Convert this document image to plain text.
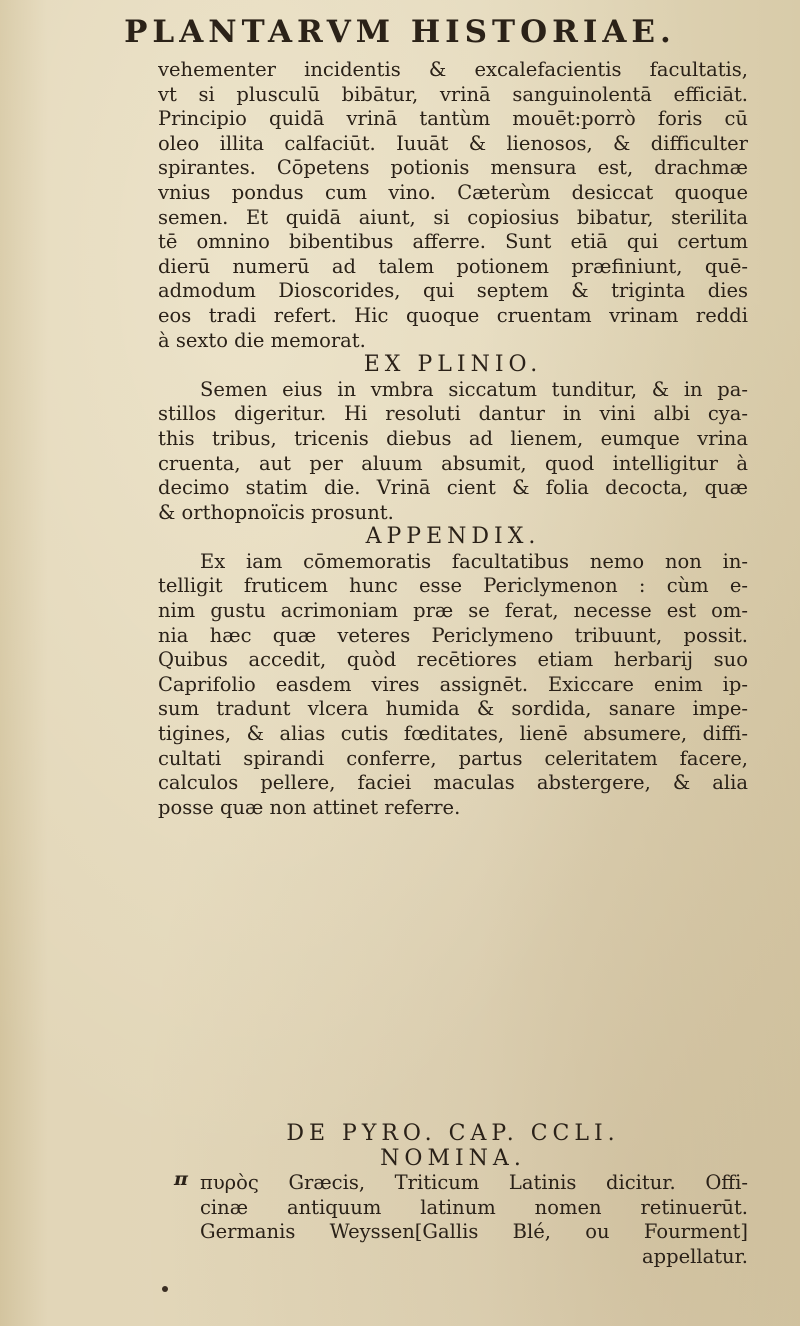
PLANTARVM HISTORIAE.
vehementer incidentis & excalefacientis facultatis,
vt si plusculū bibātur, vrinā sanguinolentā efficiāt.
Principio quidā vrinā tantùm mouēt:porrò foris cū
oleo illita calfaciūt. Iuuāt & lienosos, & difficulter
spirantes. Cōpetens potionis mensura est, drachmæ
vnius pondus cum vino. Cæterùm desiccat quoque
semen. Et quidā aiunt, si copiosius bibatur, sterilita
tē omnino bibentibus afferre. Sunt etiā qui certum
dierū numerū ad talem potionem præfiniunt, quē-
admodum Dioscorides, qui septem & triginta dies
eos tradi refert. Hic quoque cruentam vrinam reddi
à sexto die memorat.
EX PLINIO.
Semen eius in vmbra siccatum tunditur, & in pa-
stillos digeritur. Hi resoluti dantur in vini albi cya-
this tribus, tricenis diebus ad lienem, eumque vrina
cruenta, aut per aluum absumit, quod intelligitur à
decimo statim die. Vrinā cient & folia decocta, quæ
& orthopnoïcis prosunt.
APPENDIX.
Ex iam cōmemoratis facultatibus nemo non in-
telligit fruticem hunc esse Periclymenon : cùm e-
nim gustu acrimoniam præ se ferat, necesse est om-
nia hæc quæ veteres Periclymeno tribuunt, possit.
Quibus accedit, quòd recētiores etiam herbarij suo
Caprifolio easdem vires assignēt. Exiccare enim ip-
sum tradunt vlcera humida & sordida, sanare impe-
tigines, & alias cutis fœditates, lienē absumere, diffi-
cultati spirandi conferre, partus celeritatem facere,
calculos pellere, faciei maculas abstergere, & alia
posse quæ non attinet referre.
DE PYRO. CAP. CCLI.
NOMINA.
πυρὸς Græcis, Triticum Latinis dicitur. Offi-
cinæ antiquum latinum nomen retinuerūt.
Germanis Weyssen[Gallis Blé, ou Fourment]
appellatur.
π
